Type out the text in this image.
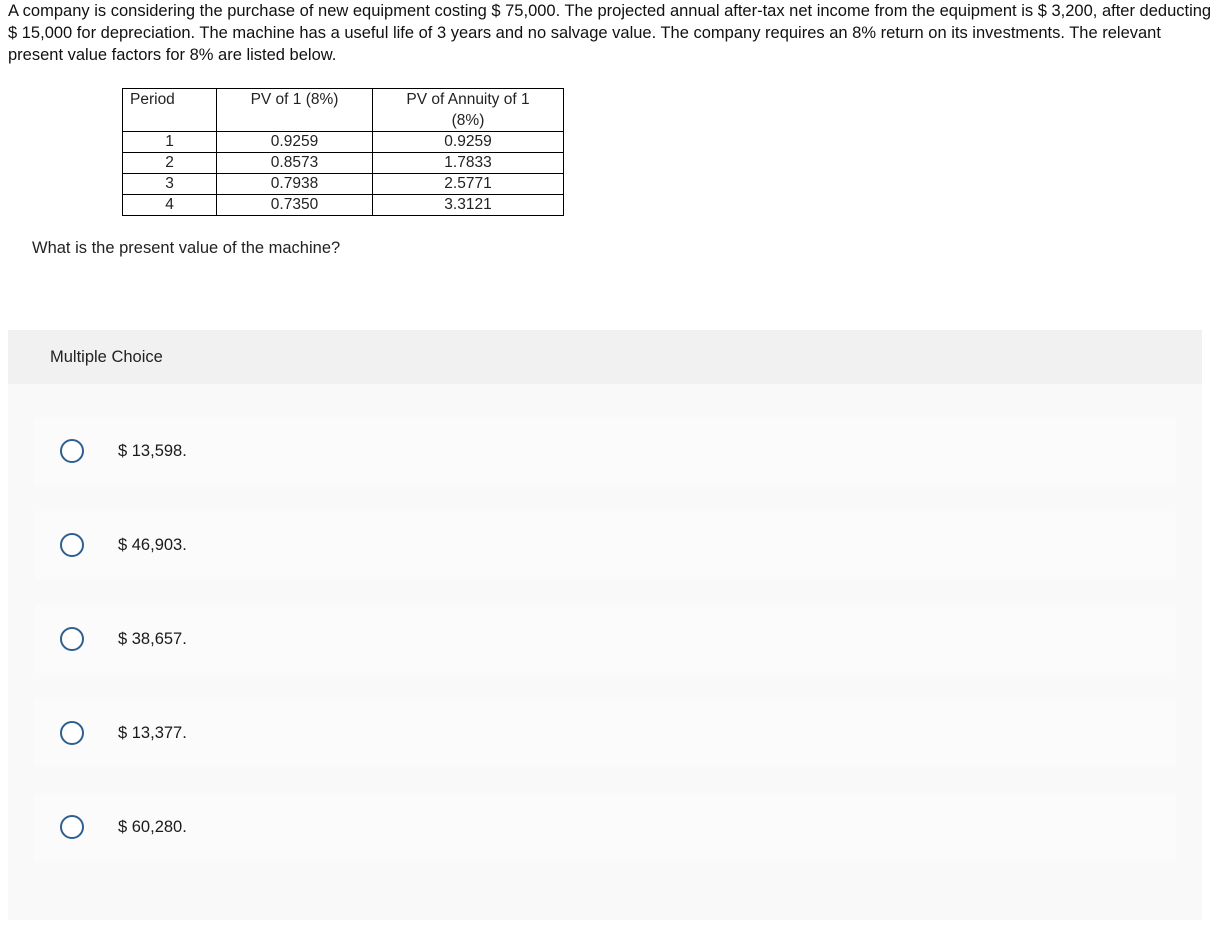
A company is considering the purchase of new equipment costing $ 75,000. The projected annual after-tax net income from the equipment is $ 3,200, after deducting $ 15,000 for depreciation. The machine has a useful life of 3 years and no salvage value. The company requires an 8% return on its investments. The relevant present value factors for 8% are listed below.
Period	PV of 1 (8%)	PV of Annuity of 1
(8%)
1	0.9259	0.9259
2	0.8573	1.7833
3	0.7938	2.5771
4	0.7350	3.3121
What is the present value of the machine?
Multiple Choice
$ 13,598.
$ 46,903.
$ 38,657.
$ 13,377.
$ 60,280.
